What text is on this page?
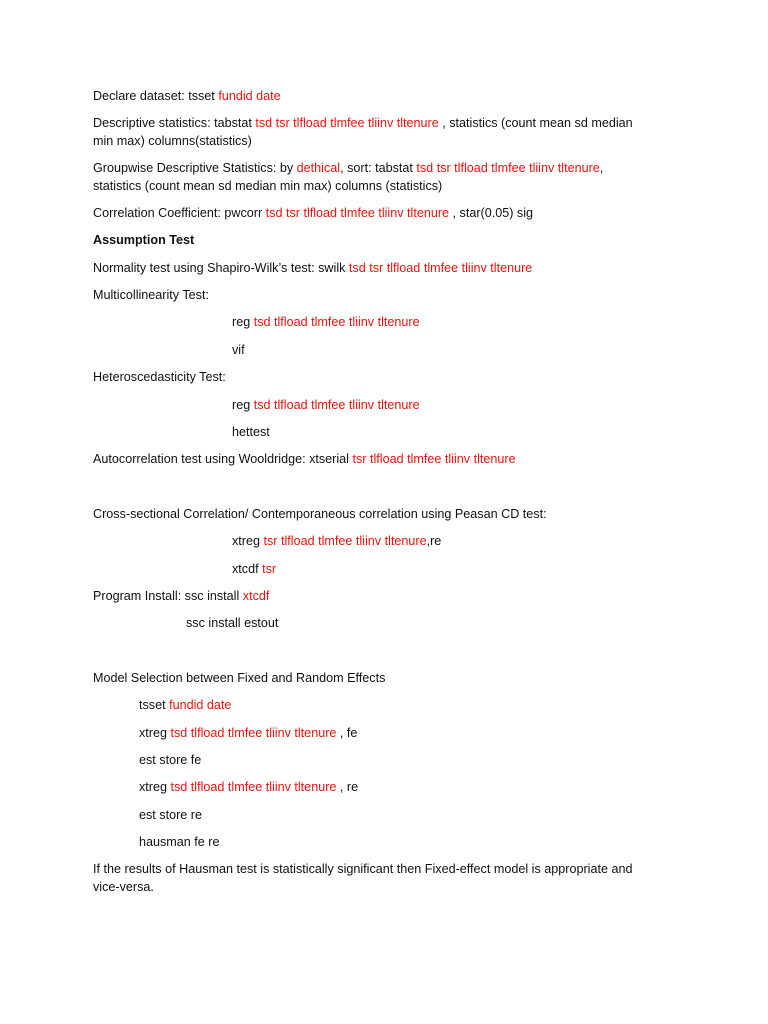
Declare dataset: tsset fundid date
Descriptive statistics: tabstat tsd tsr tlfload tlmfee tliinv tltenure , statistics (count mean sd median
min max) columns(statistics)
Groupwise Descriptive Statistics: by dethical, sort: tabstat tsd tsr tlfload tlmfee tliinv tltenure,
statistics (count mean sd median min max) columns (statistics)
Correlation Coefficient: pwcorr tsd tsr tlfload tlmfee tliinv tltenure , star(0.05) sig
Assumption Test
Normality test using Shapiro-Wilk’s test: swilk tsd tsr tlfload tlmfee tliinv tltenure
Multicollinearity Test:
reg tsd tlfload tlmfee tliinv tltenure
vif
Heteroscedasticity Test:
reg tsd tlfload tlmfee tliinv tltenure
hettest
Autocorrelation test using Wooldridge: xtserial tsr tlfload tlmfee tliinv tltenure
Cross-sectional Correlation/ Contemporaneous correlation using Peasan CD test:
xtreg tsr tlfload tlmfee tliinv tltenure,re
xtcdf tsr
Program Install: ssc install xtcdf
ssc install estout
Model Selection between Fixed and Random Effects
tsset fundid date
xtreg tsd tlfload tlmfee tliinv tltenure , fe
est store fe
xtreg tsd tlfload tlmfee tliinv tltenure , re
est store re
hausman fe re
If the results of Hausman test is statistically significant then Fixed-effect model is appropriate and
vice-versa.
